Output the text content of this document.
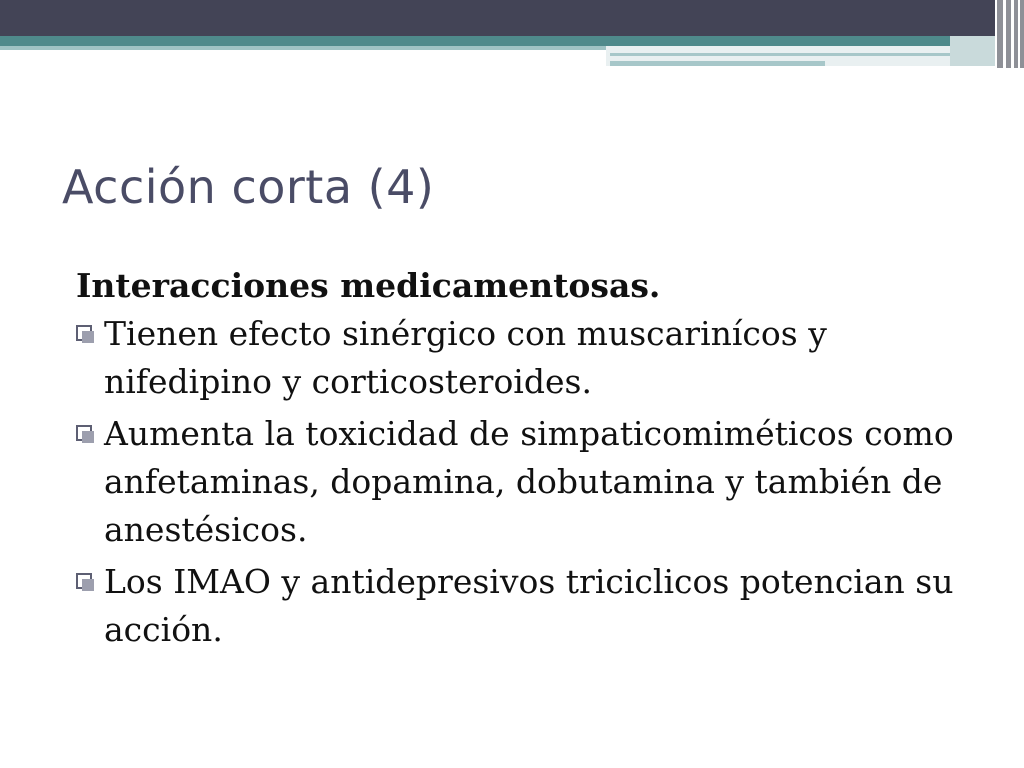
Acción corta (4)

Interacciones medicamentosas.

Tienen efecto sinérgico con muscarinícos y nifedipino y corticosteroides.
Aumenta la toxicidad de simpaticomiméticos como anfetaminas, dopamina, dobutamina y también de anestésicos.
Los IMAO y antidepresivos triciclicos potencian su acción.
